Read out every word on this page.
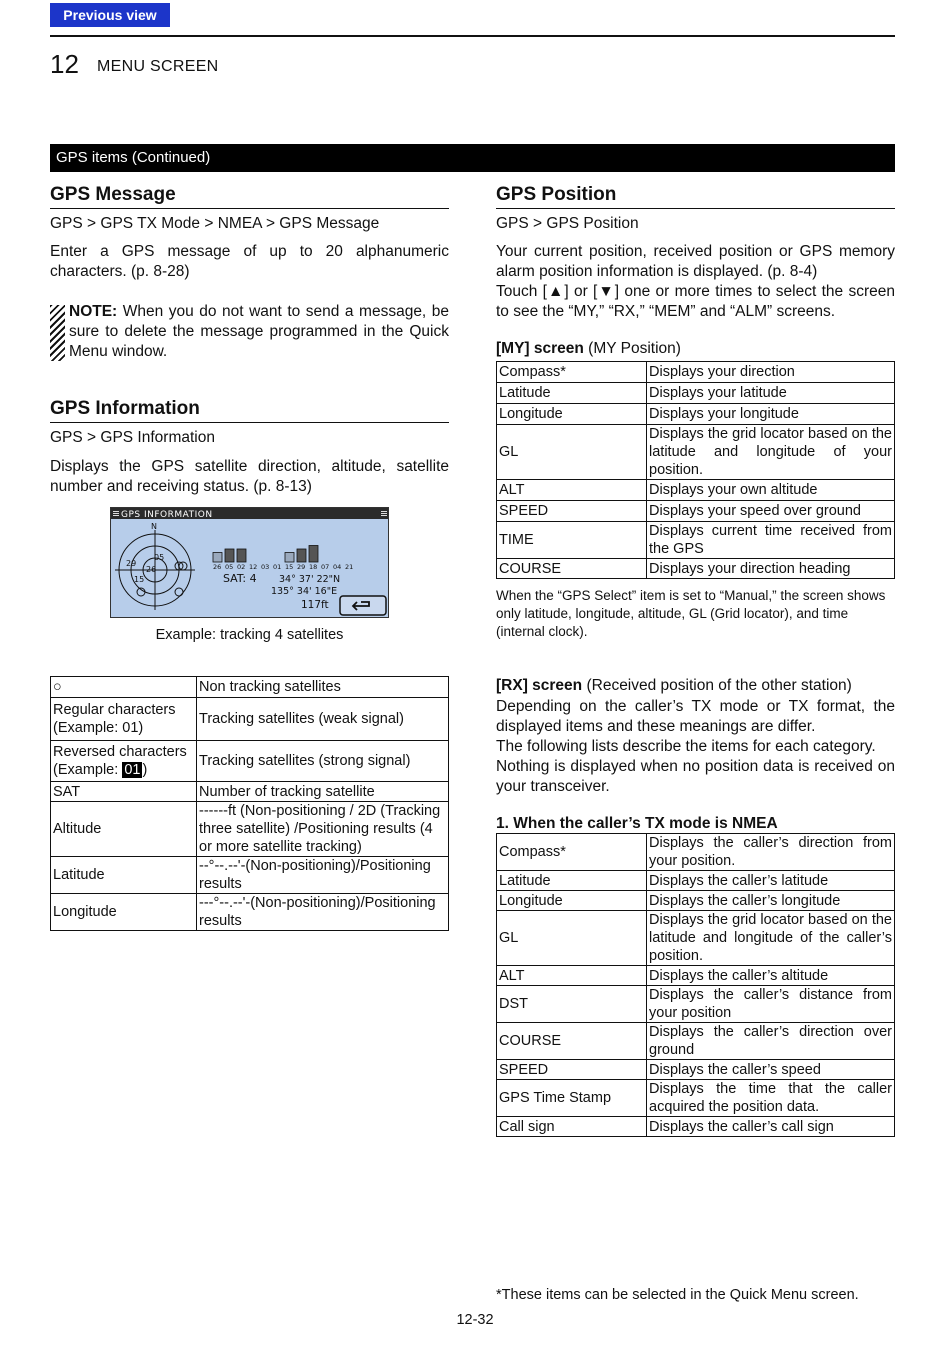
Previous view
12 MENU SCREEN
GPS items (Continued)
GPS Message
GPS > GPS TX Mode > NMEA > GPS Message

Enter a GPS message of up to 20 alphanumeric characters. (p. 8-28)

NOTE: When you do not want to send a message, be sure to delete the message programmed in the Quick Menu window.
GPS Information
GPS > GPS Information

Displays the GPS satellite direction, altitude, satellite number and receiving status. (p. 8-13)

GPS INFORMATION
N
05
29
26
15
26 05 02 12 03 01 15 29 18 07 04 21
SAT: 4 34° 37' 22"N
135° 34' 16"E
117ft
Example: tracking 4 satellites
○	Non tracking satellites
Regular characters (Example: 01)	Tracking satellites (weak signal)
Reversed characters (Example: 01 )	Tracking satellites (strong signal)
SAT	Number of tracking satellite
Altitude	------ft (Non-positioning / 2D (Tracking three satellite) /Positioning results (4 or more satellite tracking)
Latitude	--°--.--'-(Non-positioning)/Positioning results
Longitude	---°--.--'-(Non-positioning)/Positioning results
GPS Position
GPS > GPS Position

Your current position, received position or GPS memory alarm position information is displayed. (p. 8-4)

Touch [▲] or [▼] one or more times to select the screen to see the “MY,” “RX,” “MEM” and “ALM” screens.

[MY] screen (MY Position)
Compass*	Displays your direction
Latitude	Displays your latitude
Longitude	Displays your longitude
GL	Displays the grid locator based on the latitude and longitude of your position.
ALT	Displays your own altitude
SPEED	Displays your speed over ground
TIME	Displays current time received from the GPS
COURSE	Displays your direction heading

When the “GPS Select” item is set to “Manual,” the screen shows only latitude, longitude, altitude, GL (Grid locator), and time (internal clock).

[RX] screen (Received position of the other station)

Depending on the caller’s TX mode or TX format, the displayed items and these meanings are differ.

The following lists describe the items for each category.

Nothing is displayed when no position data is received on your transceiver.

1. When the caller’s TX mode is NMEA
Compass*	Displays the caller’s direction from your position.
Latitude	Displays the caller’s latitude
Longitude	Displays the caller’s longitude
GL	Displays the grid locator based on the latitude and longitude of the caller’s position.
ALT	Displays the caller’s altitude
DST	Displays the caller’s distance from your position
COURSE	Displays the caller’s direction over ground
SPEED	Displays the caller’s speed
GPS Time Stamp	Displays the time that the caller acquired the position data.
Call sign	Displays the caller’s call sign
*These items can be selected in the Quick Menu screen.
12-32
